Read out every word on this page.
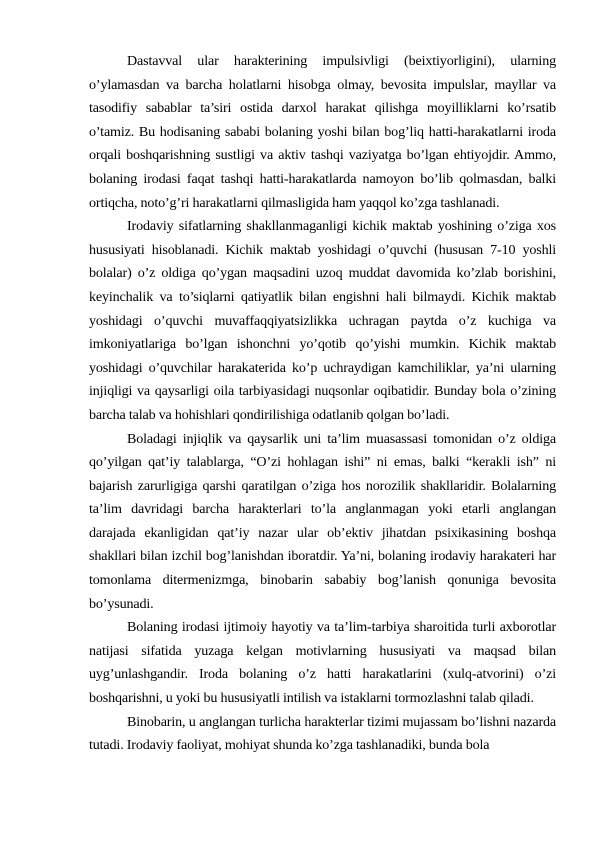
Dastavval ular harakterining impulsivligi (beixtiyorligini), ularning o’ylamasdan va barcha holatlarni hisobga olmay, bevosita impulslar, mayllar va tasodifiy sabablar ta’siri ostida darxol harakat qilishga moyilliklarni ko’rsatib o’tamiz. Bu hodisaning sababi bolaning yoshi bilan bog’liq hatti-harakatlarni iroda orqali boshqarishning sustligi va aktiv tashqi vaziyatga bo’lgan ehtiyojdir. Ammo, bolaning irodasi faqat tashqi hatti-harakatlarda namoyon bo’lib qolmasdan, balki ortiqcha, noto’g’ri harakatlarni qilmasligida ham yaqqol ko’zga tashlanadi.

Irodaviy sifatlarning shakllanmaganligi kichik maktab yoshining o’ziga xos hususiyati hisoblanadi. Kichik maktab yoshidagi o’quvchi (hususan 7-10 yoshli bolalar) o’z oldiga qo’ygan maqsadini uzoq muddat davomida ko’zlab borishini, keyinchalik va to’siqlarni qatiyatlik bilan engishni hali bilmaydi. Kichik maktab yoshidagi o’quvchi muvaffaqqiyatsizlikka uchragan paytda o’z kuchiga va imkoniyatlariga bo’lgan ishonchni yo’qotib qo’yishi mumkin. Kichik maktab yoshidagi o’quvchilar harakaterida ko’p uchraydigan kamchiliklar, ya’ni ularning injiqligi va qaysarligi oila tarbiyasidagi nuqsonlar oqibatidir. Bunday bola o’zining barcha talab va hohishlari qondirilishiga odatlanib qolgan bo’ladi.

Boladagi injiqlik va qaysarlik uni ta’lim muasassasi tomonidan o’z oldiga qo’yilgan qat’iy talablarga, “O’zi hohlagan ishi” ni emas, balki “kerakli ish” ni bajarish zarurligiga qarshi qaratilgan o’ziga hos norozilik shakllaridir. Bolalarning ta’lim davridagi barcha harakterlari to’la anglanmagan yoki etarli anglangan darajada ekanligidan qat’iy nazar ular ob’ektiv jihatdan psixikasining boshqa shakllari bilan izchil bog’lanishdan iboratdir. Ya’ni, bolaning irodaviy harakateri har tomonlama ditermenizmga, binobarin sababiy bog’lanish qonuniga bevosita bo’ysunadi.

Bolaning irodasi ijtimoiy hayotiy va ta’lim-tarbiya sharoitida turli axborotlar natijasi sifatida yuzaga kelgan motivlarning hususiyati va maqsad bilan uyg’unlashgandir. Iroda bolaning o’z hatti harakatlarini (xulq-atvorini) o’zi boshqarishni, u yoki bu hususiyatli intilish va istaklarni tormozlashni talab qiladi.

Binobarin, u anglangan turlicha harakterlar tizimi mujassam bo’lishni nazarda tutadi. Irodaviy faoliyat, mohiyat shunda ko’zga tashlanadiki, bunda bola
